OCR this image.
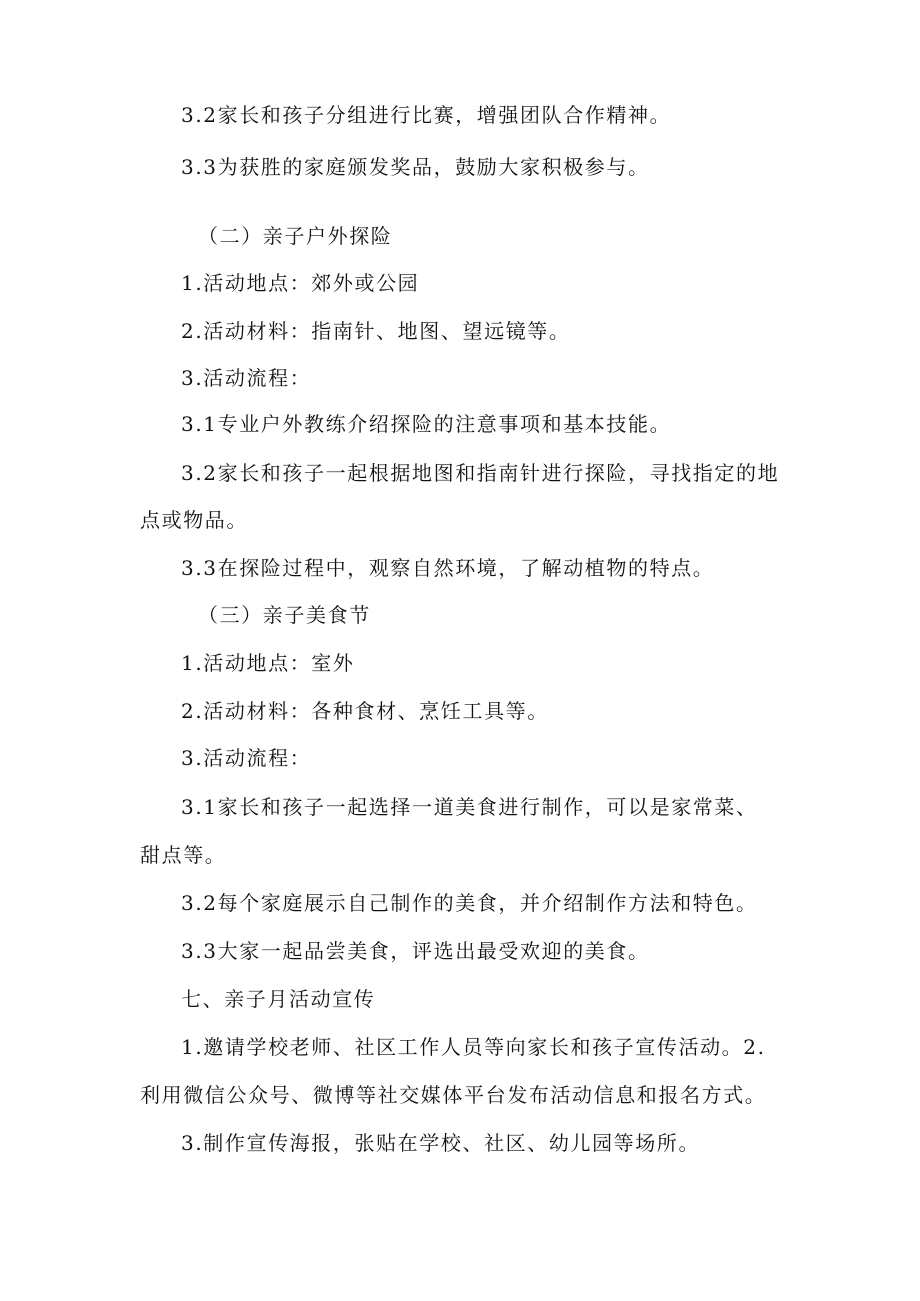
3.2家长和孩子分组进行比赛，增强团队合作精神。
3.3为获胜的家庭颁发奖品，鼓励大家积极参与。
（二）亲子户外探险
1.活动地点：郊外或公园
2.活动材料：指南针、地图、望远镜等。
3.活动流程：
3.1专业户外教练介绍探险的注意事项和基本技能。
3.2家长和孩子一起根据地图和指南针进行探险，寻找指定的地
点或物品。
3.3在探险过程中，观察自然环境，了解动植物的特点。
（三）亲子美食节
1.活动地点：室外
2.活动材料：各种食材、烹饪工具等。
3.活动流程：
3.1家长和孩子一起选择一道美食进行制作，可以是家常菜、
甜点等。
3.2每个家庭展示自己制作的美食，并介绍制作方法和特色。
3.3大家一起品尝美食，评选出最受欢迎的美食。
七、亲子月活动宣传
1.邀请学校老师、社区工作人员等向家长和孩子宣传活动。2.
利用微信公众号、微博等社交媒体平台发布活动信息和报名方式。
3.制作宣传海报，张贴在学校、社区、幼儿园等场所。
